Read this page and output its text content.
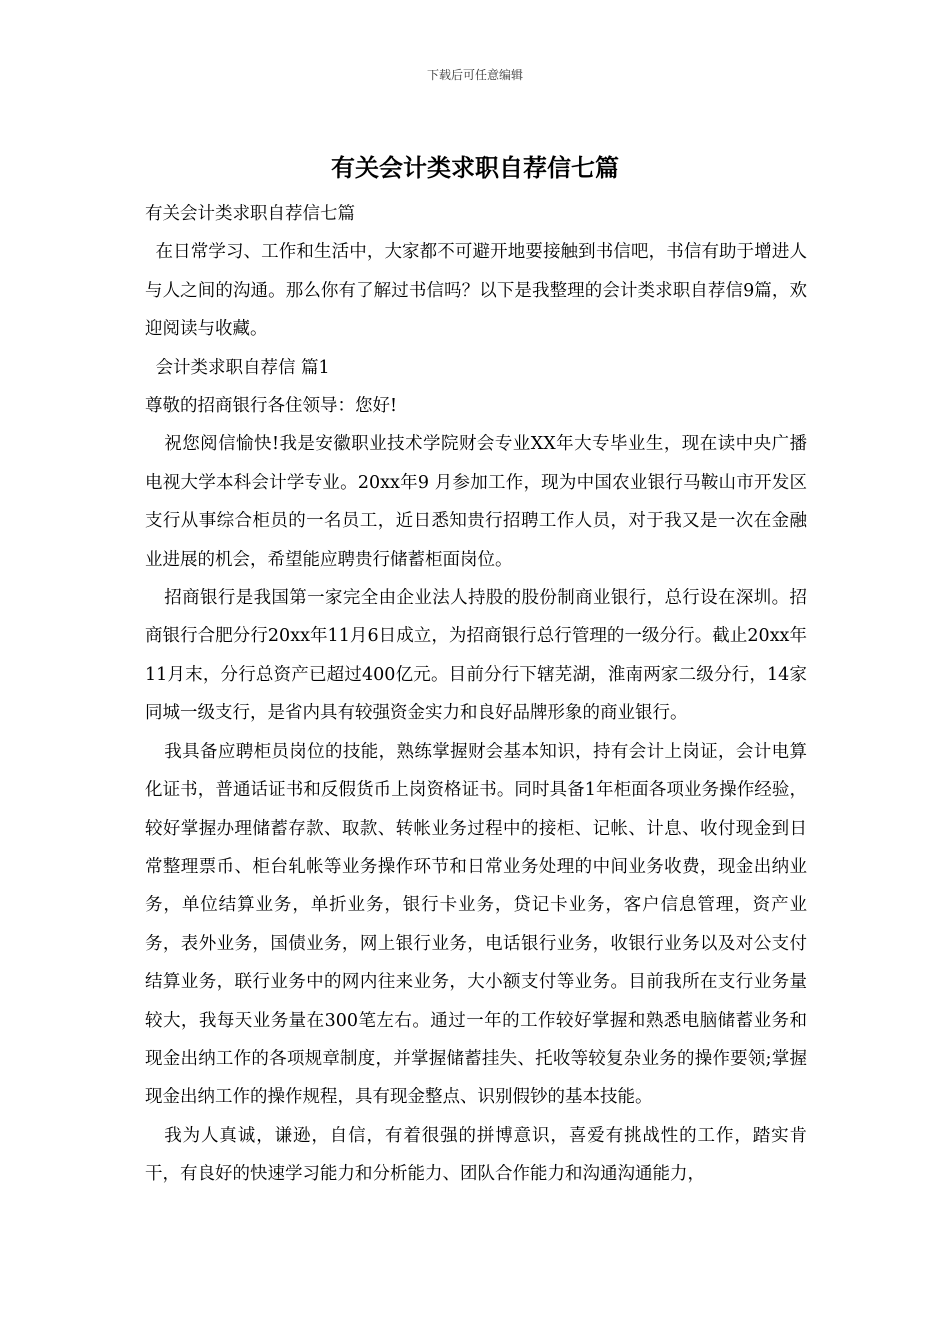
下载后可任意编辑
有关会计类求职自荐信七篇

有关会计类求职自荐信七篇

在日常学习、工作和生活中，大家都不可避开地要接触到书信吧，书信有助于增进人与人之间的沟通。那么你有了解过书信吗？以下是我整理的会计类求职自荐信9篇，欢迎阅读与收藏。

会计类求职自荐信 篇1

尊敬的招商银行各住领导：您好!

祝您阅信愉快!我是安徽职业技术学院财会专业XX年大专毕业生，现在读中央广播电视大学本科会计学专业。20xx年9 月参加工作，现为中国农业银行马鞍山市开发区支行从事综合柜员的一名员工，近日悉知贵行招聘工作人员，对于我又是一次在金融业进展的机会，希望能应聘贵行储蓄柜面岗位。

招商银行是我国第一家完全由企业法人持股的股份制商业银行，总行设在深圳。招商银行合肥分行20xx年11月6日成立，为招商银行总行管理的一级分行。截止20xx年11月末，分行总资产已超过400亿元。目前分行下辖芜湖，淮南两家二级分行，14家同城一级支行，是省内具有较强资金实力和良好品牌形象的商业银行。

我具备应聘柜员岗位的技能，熟练掌握财会基本知识，持有会计上岗证，会计电算化证书，普通话证书和反假货币上岗资格证书。同时具备1年柜面各项业务操作经验，较好掌握办理储蓄存款、取款、转帐业务过程中的接柜、记帐、计息、收付现金到日常整理票币、柜台轧帐等业务操作环节和日常业务处理的中间业务收费，现金出纳业务，单位结算业务，单折业务，银行卡业务，贷记卡业务，客户信息管理，资产业务，表外业务，国债业务，网上银行业务，电话银行业务，收银行业务以及对公支付结算业务，联行业务中的网内往来业务，大小额支付等业务。目前我所在支行业务量较大，我每天业务量在300笔左右。通过一年的工作较好掌握和熟悉电脑储蓄业务和现金出纳工作的各项规章制度，并掌握储蓄挂失、托收等较复杂业务的操作要领;掌握现金出纳工作的操作规程，具有现金整点、识别假钞的基本技能。

我为人真诚，谦逊，自信，有着很强的拼博意识，喜爱有挑战性的工作，踏实肯干，有良好的快速学习能力和分析能力、团队合作能力和沟通沟通能力，
